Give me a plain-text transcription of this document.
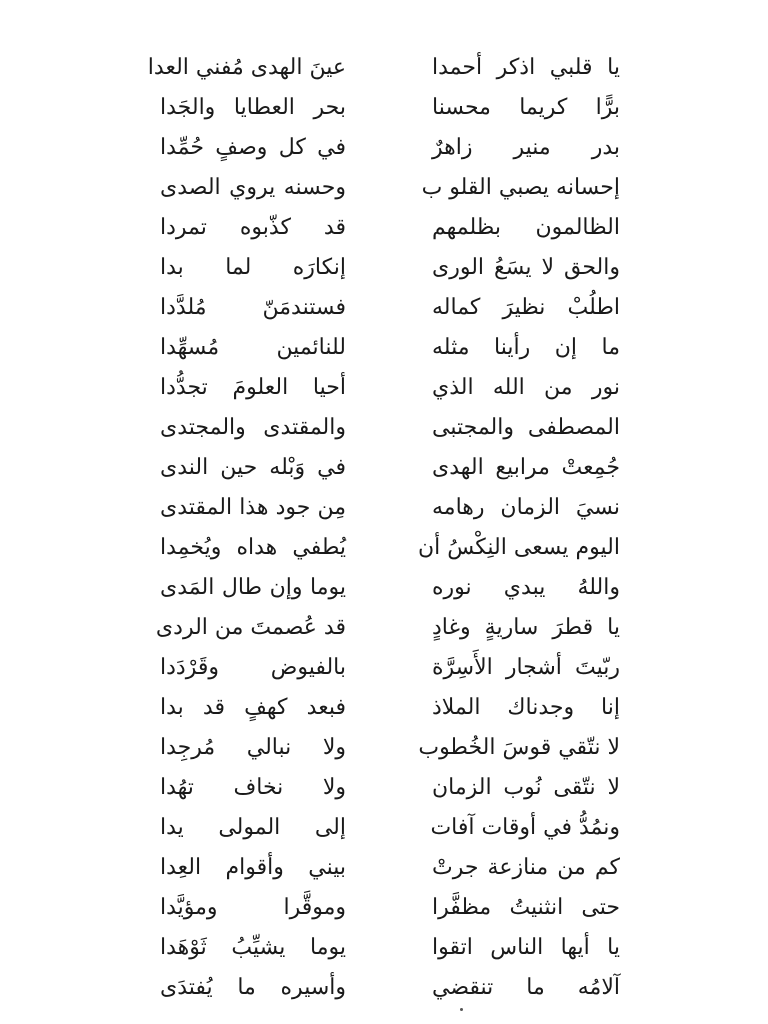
يا قلبي اذكر أحمدا
عينَ الهدى مُفني العدا
برًّا كريما محسنا
بحر العطايا والجَدا
بدر منير زاهرٌ
في كل وصفٍ حُمِّدا
إحسانه يصبي القلو ب
وحسنه يروي الصدى
الظالمون بظلمهم
قد كذّبوه تمردا
والحق لا يسَعُ الورى
إنكارَه لما بدا
اطلُبْ نظيرَ كماله
فستندمَنّ مُلدَّدا
ما إن رأينا مثله
للنائمين مُسهِّدا
نور من الله الذي
أحيا العلومَ تجدُّدا
المصطفى والمجتبى
والمقتدى والمجتدى
جُمِعتْ مرابيع الهدى
في وَبْله حين الندى
نسيَ الزمان رهامه
مِن جود هذا المقتدى
اليوم يسعى النِكْسُ أن
يُطفي هداه ويُخمِدا
واللهُ يبدي نوره
يوما وإن طال المَدى
يا قطرَ ساريةٍ وغادٍ
قد عُصمتَ من الردى
ربّيتَ أشجار الأَسِرَّة
بالفيوض وقَرْدَدا
إنا وجدناك الملاذ
فبعد كهفٍ قد بدا
لا نتّقي قوسَ الخُطوب
ولا نبالي مُرجِدا
لا نتّقى نُوب الزمان
ولا نخاف تهُدا
ونمُدُّ في أوقات آفات
إلى المولى يدا
كم من منازعة جرتْ
بيني وأقوام العِدا
حتى انثنيتُ مظفَّرا
وموقَّرا ومؤيَّدا
يا أيها الناس اتقوا
يوما يشيِّبُ ثَوْهَدا
آلامُه ما تنقضي
وأسيره ما يُفتدَى
